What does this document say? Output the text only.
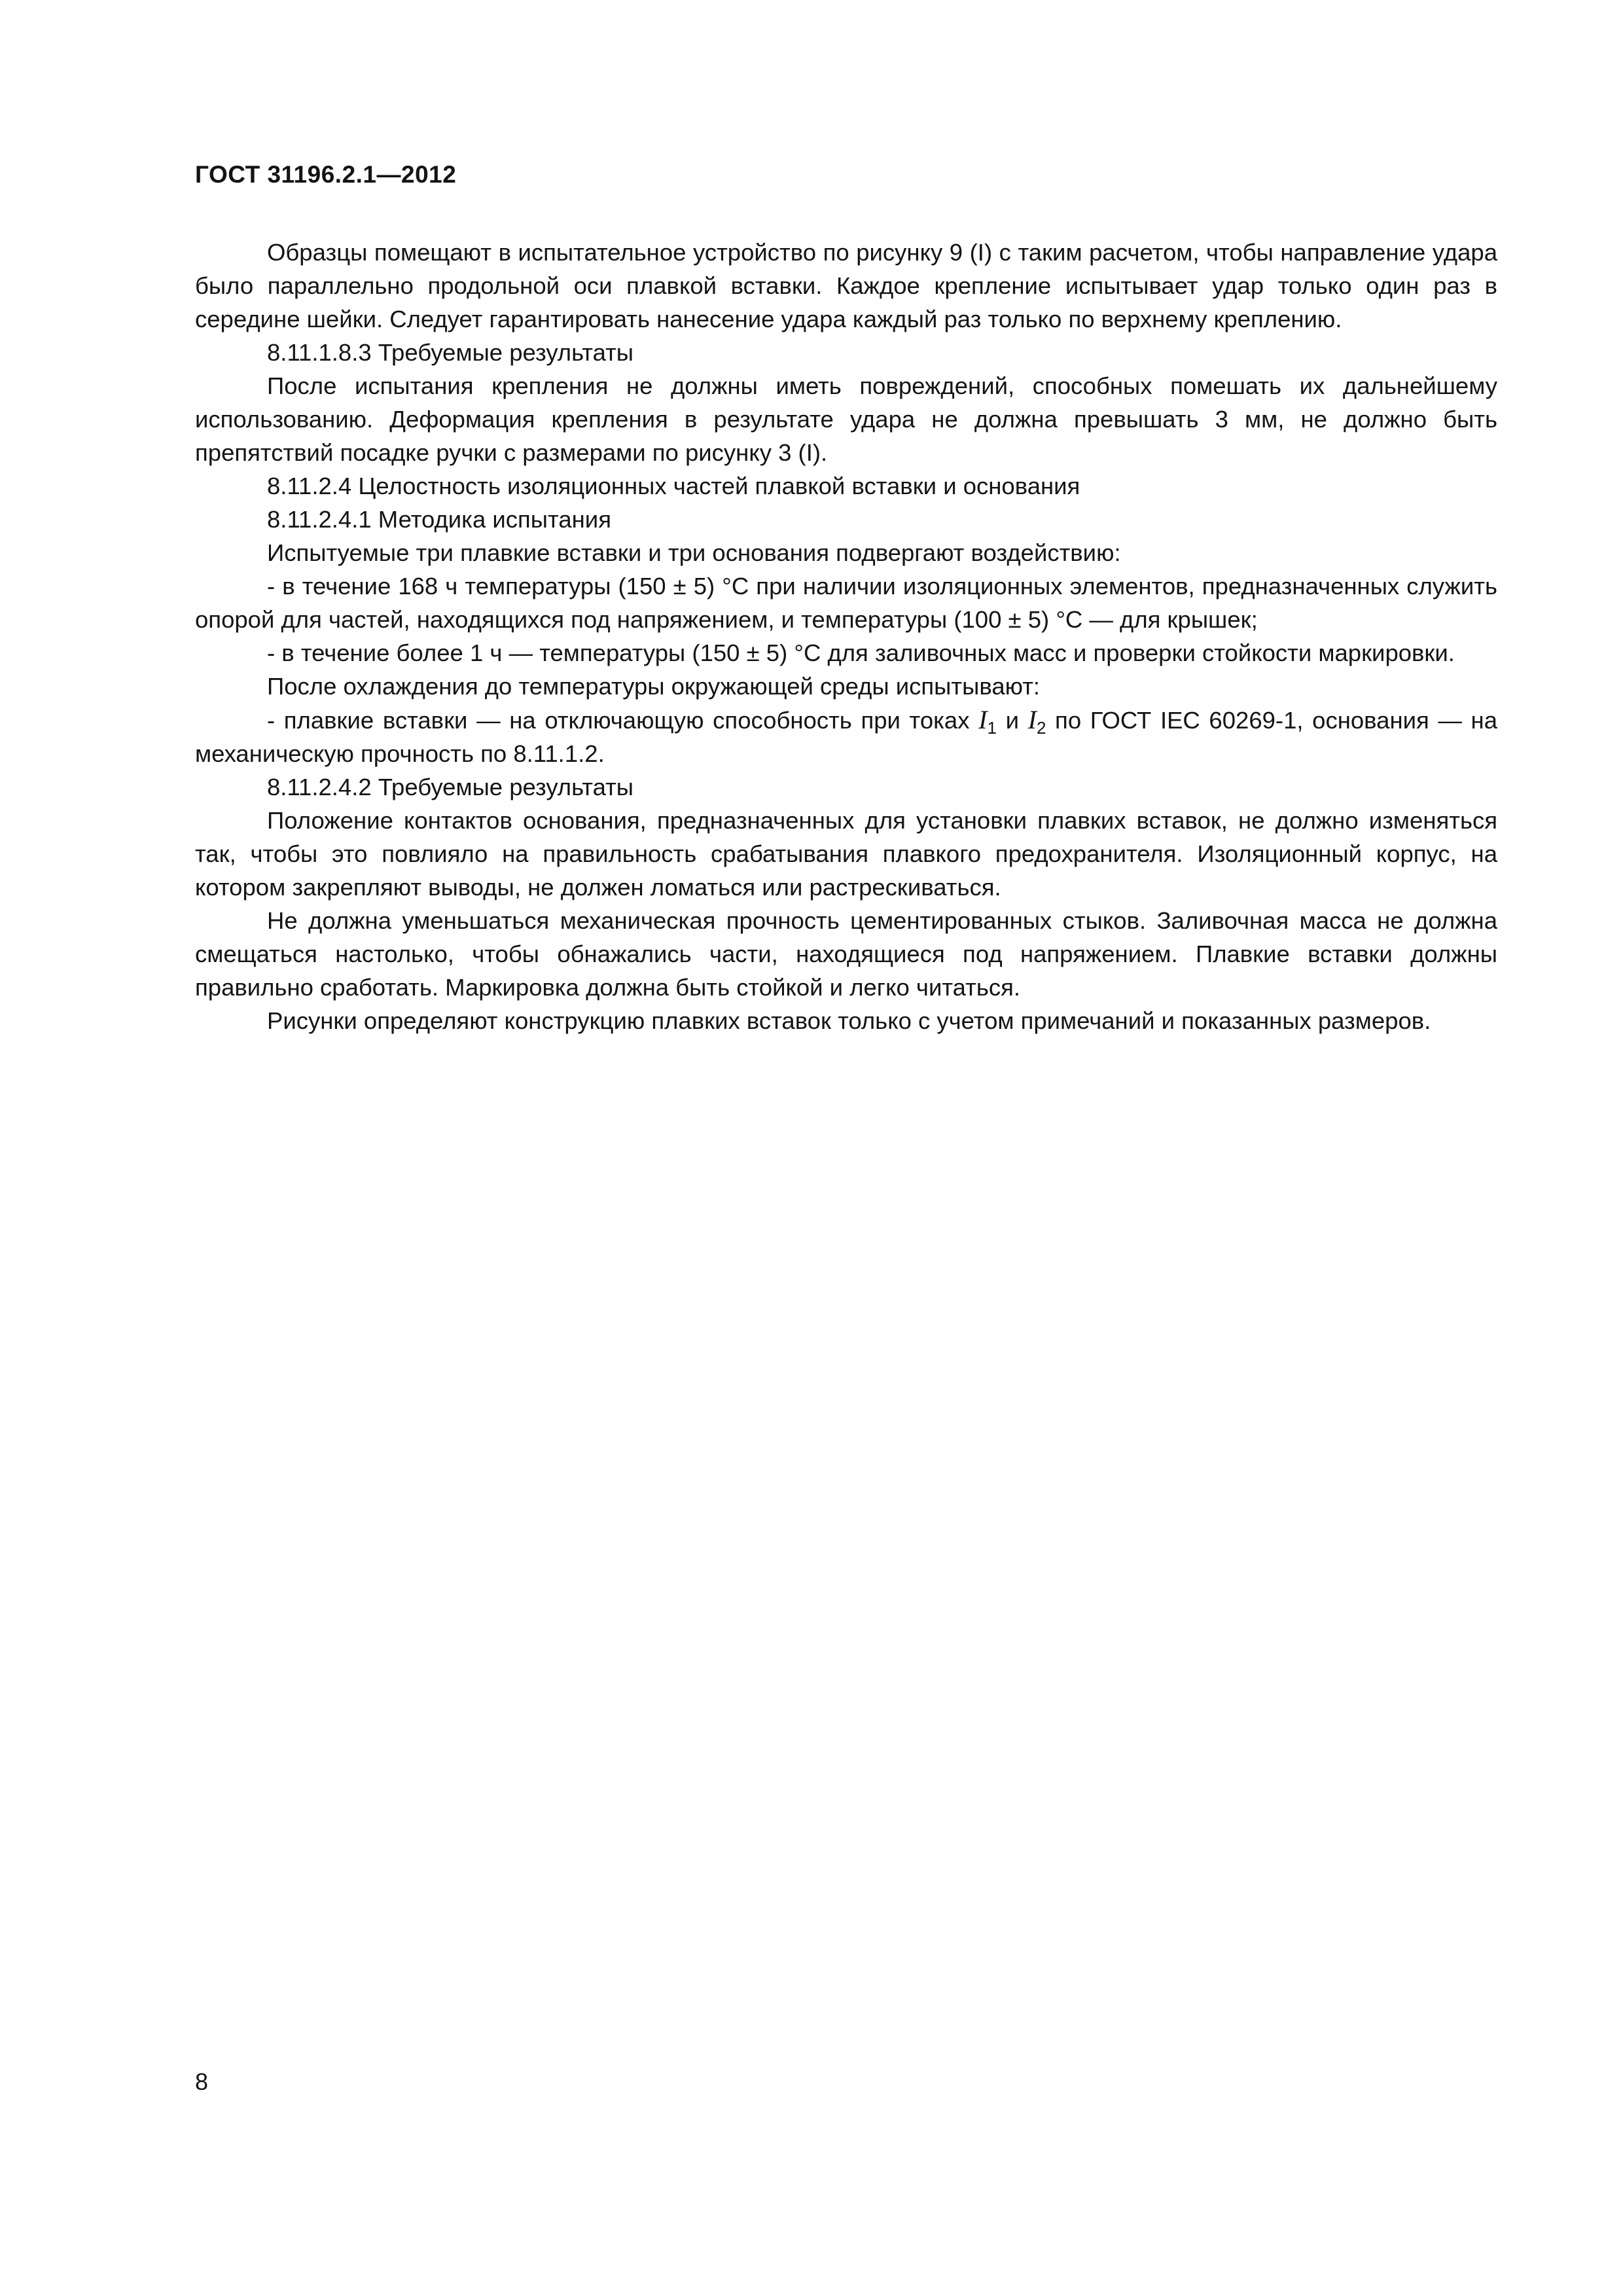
ГОСТ 31196.2.1—2012

Образцы помещают в испытательное устройство по рисунку 9 (I) с таким расчетом, чтобы направление удара было параллельно продольной оси плавкой вставки. Каждое крепление испытывает удар только один раз в середине шейки. Следует гарантировать нанесение удара каждый раз только по верхнему креплению.

8.11.1.8.3 Требуемые результаты

После испытания крепления не должны иметь повреждений, способных помешать их дальнейшему использованию. Деформация крепления в результате удара не должна превышать 3 мм, не должно быть препятствий посадке ручки с размерами по рисунку 3 (I).

8.11.2.4 Целостность изоляционных частей плавкой вставки и основания

8.11.2.4.1 Методика испытания

Испытуемые три плавкие вставки и три основания подвергают воздействию:

- в течение 168 ч температуры (150 ± 5) °С при наличии изоляционных элементов, предназначенных служить опорой для частей, находящихся под напряжением, и температуры (100 ± 5) °С — для крышек;

- в течение более 1 ч — температуры (150 ± 5) °С для заливочных масс и проверки стойкости маркировки.

После охлаждения до температуры окружающей среды испытывают:

- плавкие вставки — на отключающую способность при токах $I_1$ и $I_2$ по ГОСТ IEC 60269-1, основания — на механическую прочность по 8.11.1.2.

8.11.2.4.2 Требуемые результаты

Положение контактов основания, предназначенных для установки плавких вставок, не должно изменяться так, чтобы это повлияло на правильность срабатывания плавкого предохранителя. Изоляционный корпус, на котором закрепляют выводы, не должен ломаться или растрескиваться.

Не должна уменьшаться механическая прочность цементированных стыков. Заливочная масса не должна смещаться настолько, чтобы обнажались части, находящиеся под напряжением. Плавкие вставки должны правильно сработать. Маркировка должна быть стойкой и легко читаться.

Рисунки определяют конструкцию плавких вставок только с учетом примечаний и показанных размеров.

8
